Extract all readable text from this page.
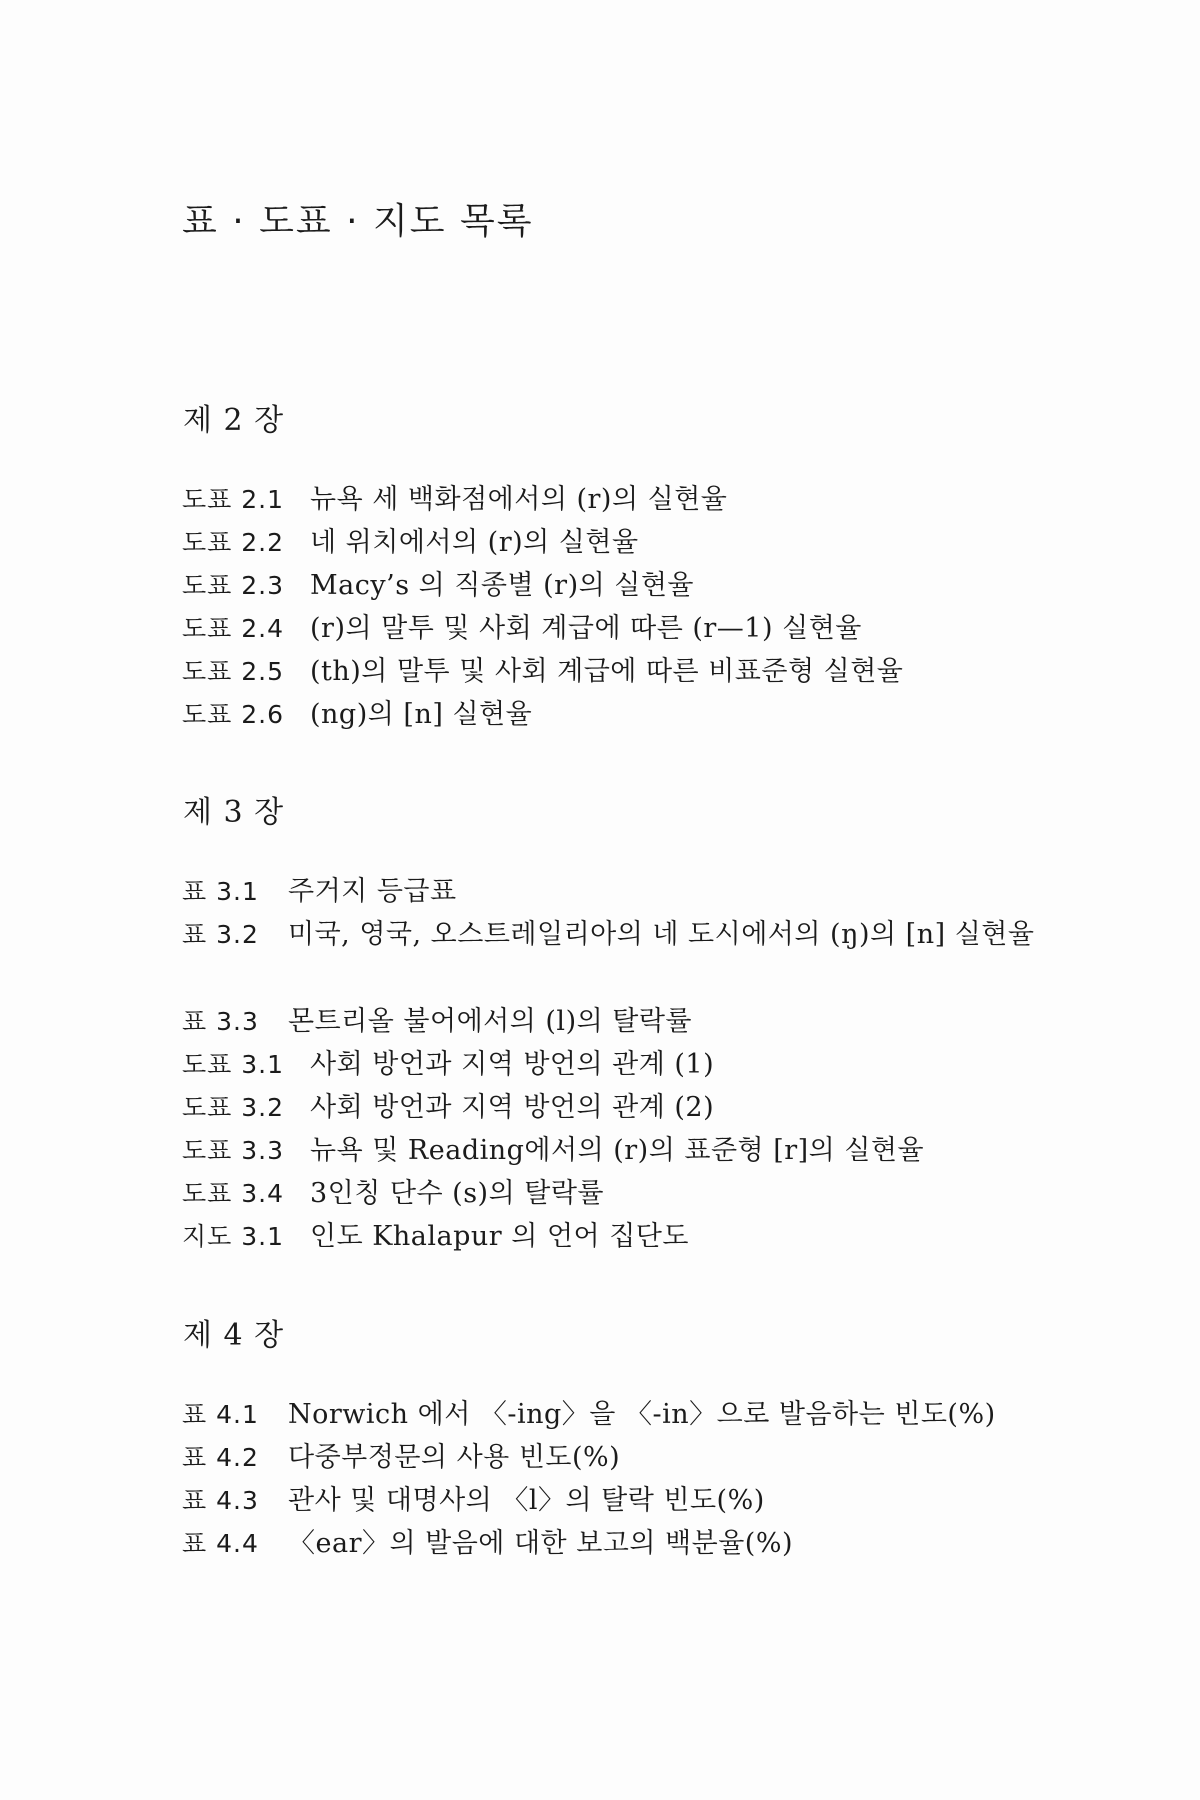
표 · 도표 · 지도 목록
제 2 장
도표 2.1 뉴욕 세 백화점에서의 (r)의 실현율
도표 2.2 네 위치에서의 (r)의 실현율
도표 2.3 Macy’s 의 직종별 (r)의 실현율
도표 2.4 (r)의 말투 및 사회 계급에 따른 (r—1) 실현율
도표 2.5 (th)의 말투 및 사회 계급에 따른 비표준형 실현율
도표 2.6 (ng)의 [n] 실현율
제 3 장
표 3.1 주거지 등급표
표 3.2 미국, 영국, 오스트레일리아의 네 도시에서의 (ŋ)의 [n] 실현율
표 3.3 몬트리올 불어에서의 (l)의 탈락률
도표 3.1 사회 방언과 지역 방언의 관계 (1)
도표 3.2 사회 방언과 지역 방언의 관계 (2)
도표 3.3 뉴욕 및 Reading에서의 (r)의 표준형 [r]의 실현율
도표 3.4 3인칭 단수 (s)의 탈락률
지도 3.1 인도 Khalapur 의 언어 집단도
제 4 장
표 4.1 Norwich 에서 〈-ing〉을 〈-in〉으로 발음하는 빈도(%)
표 4.2 다중부정문의 사용 빈도(%)
표 4.3 관사 및 대명사의 〈l〉의 탈락 빈도(%)
표 4.4 〈ear〉의 발음에 대한 보고의 백분율(%)
